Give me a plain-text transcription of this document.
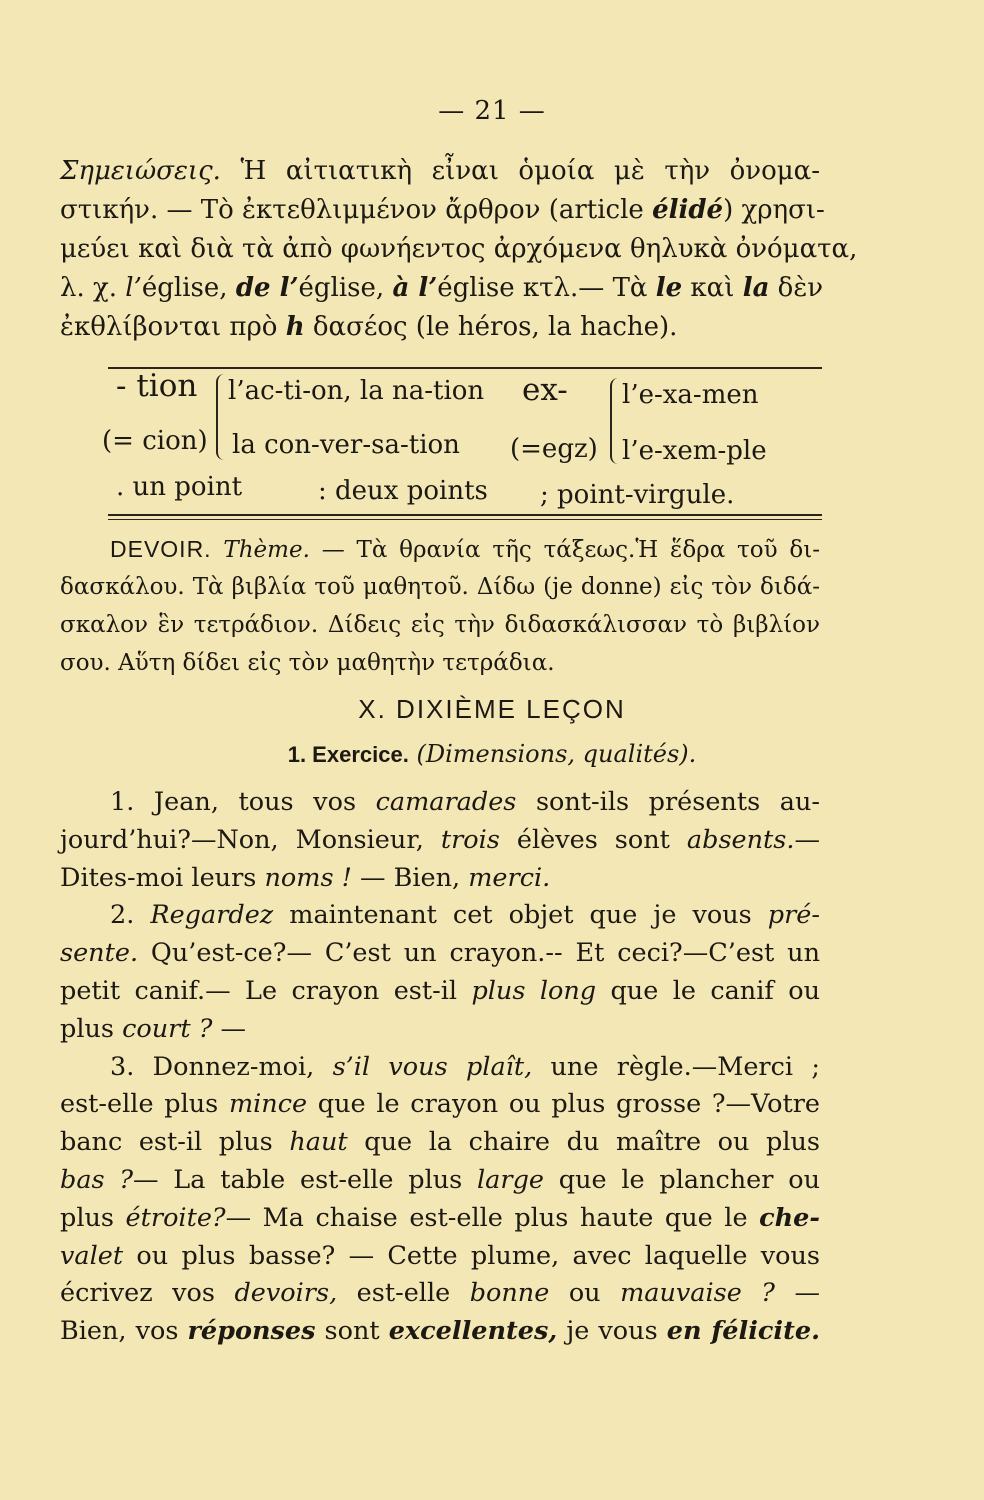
— 21 —
Σημειώσεις. Ἡ αἰτιατικὴ εἶναι ὁμοία μὲ τὴν ὀνομα-
στικήν. — Τὸ ἐκτεθλιμμένον ἄρθρον (article élidé) χρησι-
μεύει καὶ διὰ τὰ ἀπὸ φωνήεντος ἀρχόμενα θηλυκὰ ὀνόματα,
λ. χ. l’église, de l’église, à l’église κτλ.— Τὰ le καὶ la δὲν
ἐκθλίβονται πρὸ h δασέος (le héros, la hache).
- tion l’ac-ti-on, la na-tion
(= cion) la con-ver-sa-tion
ex- l’e-xa-men
(=egz) l’e-xem-ple
. un point	: deux points ; point-virgule.
DEVOIR. Thème. — Τὰ θρανία τῆς τάξεως.Ἡ ἕδρα τοῦ δι-
δασκάλου. Τὰ βιβλία τοῦ μαθητοῦ. Δίδω (je donne) εἰς τὸν διδά-
σκαλον ἓν τετράδιον. Δίδεις εἰς τὴν διδασκάλισσαν τὸ βιβλίον
σου. Αὕτη δίδει εἰς τὸν μαθητὴν τετράδια.
X. DIXIÈME LEÇON
1. Exercice. (Dimensions, qualités).
1. Jean, tous vos camarades sont-ils présents au-
jourd’hui?—Non, Monsieur, trois élèves sont absents.—
Dites-moi leurs noms ! — Bien, merci.
2. Regardez maintenant cet objet que je vous pré-
sente. Qu’est-ce?— C’est un crayon.-- Et ceci?—C’est un
petit canif.— Le crayon est-il plus long que le canif ou
plus court ? —
3. Donnez-moi, s’il vous plaît, une règle.—Merci ;
est-elle plus mince que le crayon ou plus grosse ?—Votre
banc est-il plus haut que la chaire du maître ou plus
bas ?— La table est-elle plus large que le plancher ou
plus étroite?— Ma chaise est-elle plus haute que le che-
valet ou plus basse? — Cette plume, avec laquelle vous
écrivez vos devoirs, est-elle bonne ou mauvaise ? —
Bien, vos réponses sont excellentes, je vous en félicite.
